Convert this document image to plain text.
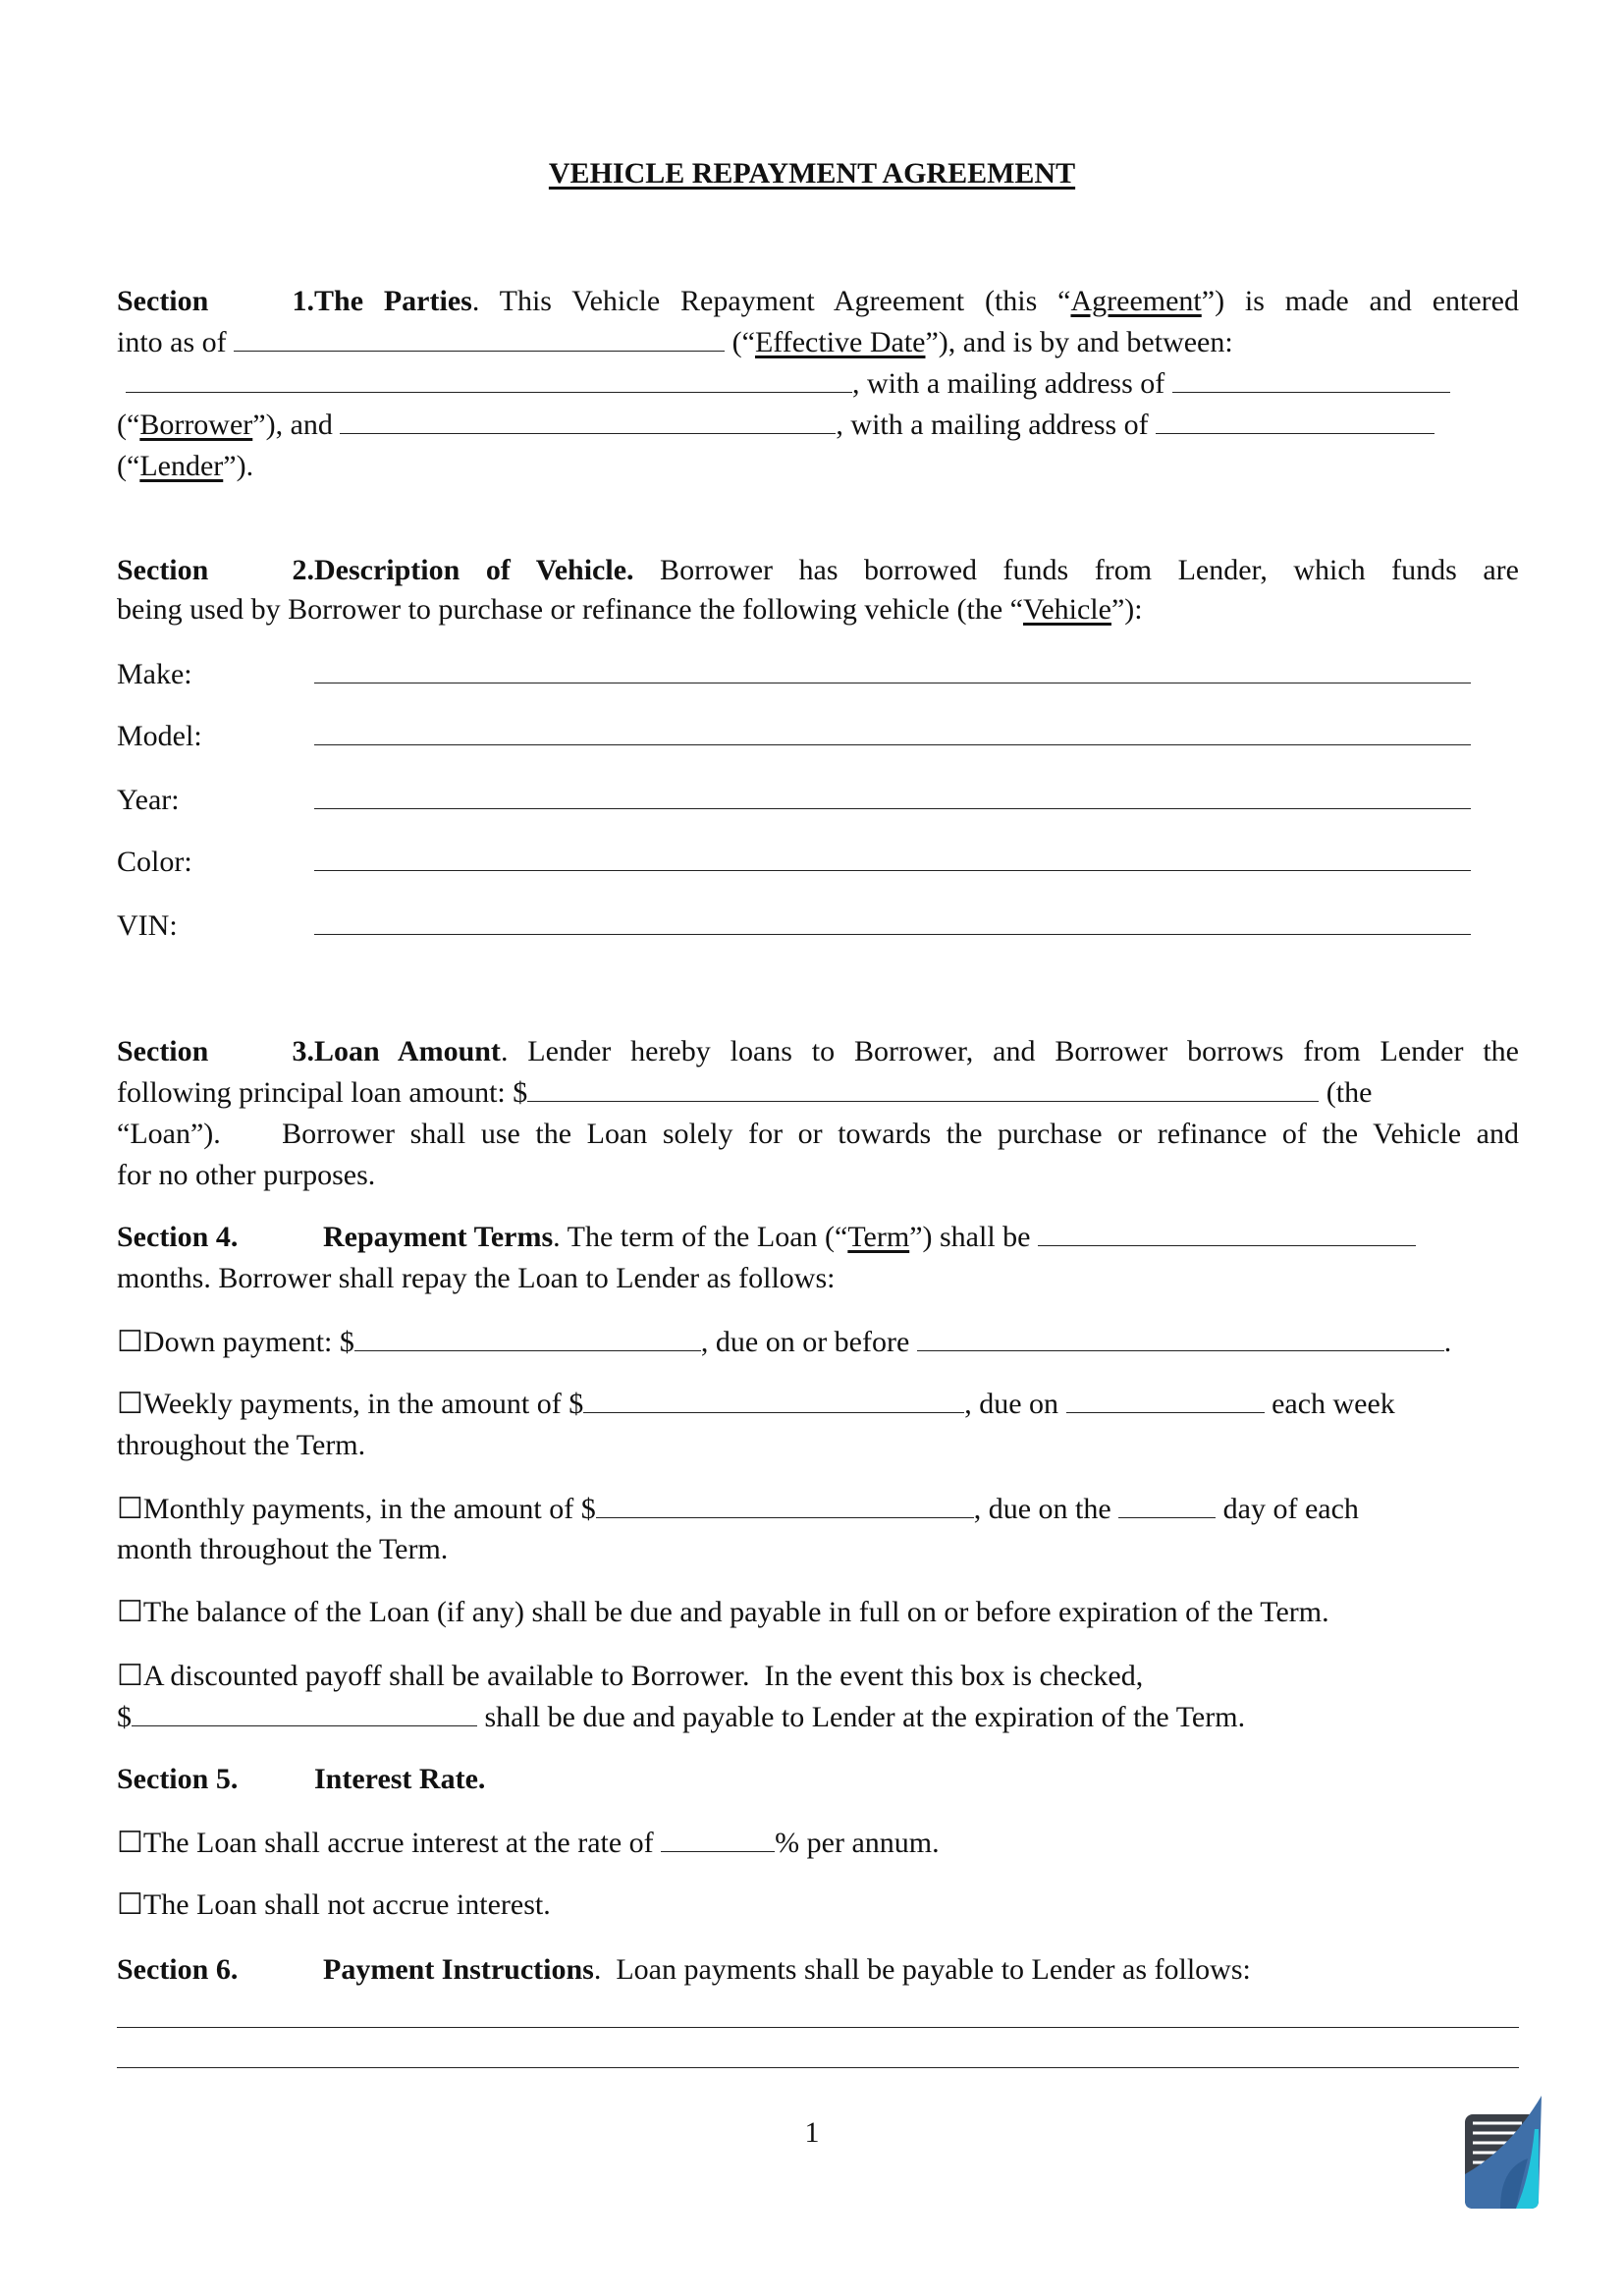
VEHICLE REPAYMENT AGREEMENT
Section 1.The Parties. This Vehicle Repayment Agreement (this “Agreement”) is made and entered
into as of	(“Effective Date”), and is by and between:
, with a mailing address of
(“Borrower”), and	, with a mailing address of
(“Lender”).
Section 2.Description of Vehicle. Borrower has borrowed funds from Lender, which funds are
being used by Borrower to purchase or refinance the following vehicle (the “Vehicle”):
Make:
Model:
Year:
Color:
VIN:
Section 3.Loan Amount. Lender hereby loans to Borrower, and Borrower borrows from Lender the
following principal loan amount: $	(the
“Loan”).    Borrower shall use the Loan solely for or towards the purchase or refinance of the Vehicle and
for no other purposes.
Section 4.	Repayment Terms. The term of the Loan (“Term”) shall be
months. Borrower shall repay the Loan to Lender as follows:
☐Down payment: $	, due on or before	.
☐Weekly payments, in the amount of $	, due on	each week
throughout the Term.
☐Monthly payments, in the amount of $	, due on the	day of each
month throughout the Term.
☐The balance of the Loan (if any) shall be due and payable in full on or before expiration of the Term.
☐A discounted payoff shall be available to Borrower.  In the event this box is checked,
$	shall be due and payable to Lender at the expiration of the Term.
Section 5.	Interest Rate.
☐The Loan shall accrue interest at the rate of	% per annum.
☐The Loan shall not accrue interest.
Section 6.	Payment Instructions.  Loan payments shall be payable to Lender as follows:
1
